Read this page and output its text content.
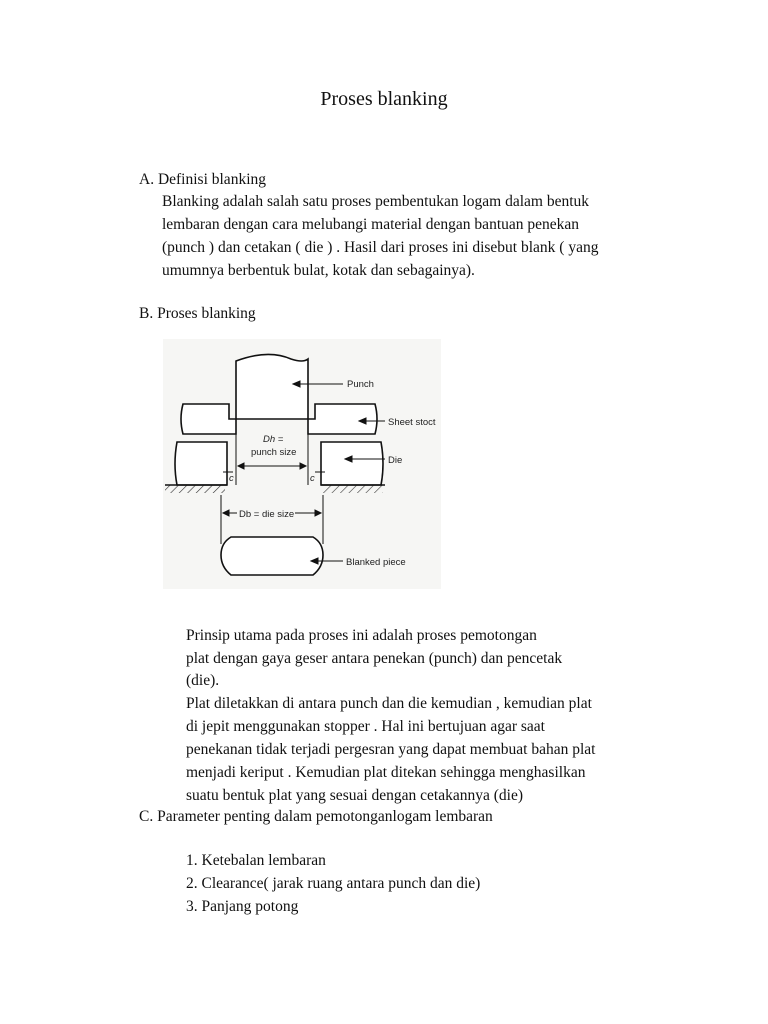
Proses blanking
A. Definisi blanking
Blanking adalah salah satu proses pembentukan logam dalam bentuk
lembaran dengan cara melubangi material dengan bantuan penekan
(punch ) dan cetakan ( die ) . Hasil dari proses ini disebut blank ( yang
umumnya berbentuk bulat, kotak dan sebagainya).
B. Proses blanking
Dh =
punch size
c	c
Db = die size
Punch
Sheet stoct
Die
Blanked piece
Prinsip utama pada proses ini adalah proses pemotongan
plat dengan gaya geser antara penekan (punch) dan pencetak
(die).
Plat diletakkan di antara punch dan die kemudian , kemudian plat
di jepit menggunakan stopper . Hal ini bertujuan agar saat
penekanan tidak terjadi pergesran yang dapat membuat bahan plat
menjadi keriput . Kemudian plat ditekan sehingga menghasilkan
suatu bentuk plat yang sesuai dengan cetakannya (die)
C. Parameter penting dalam pemotonganlogam lembaran
1. Ketebalan lembaran
2. Clearance( jarak ruang antara punch dan die)
3. Panjang potong
